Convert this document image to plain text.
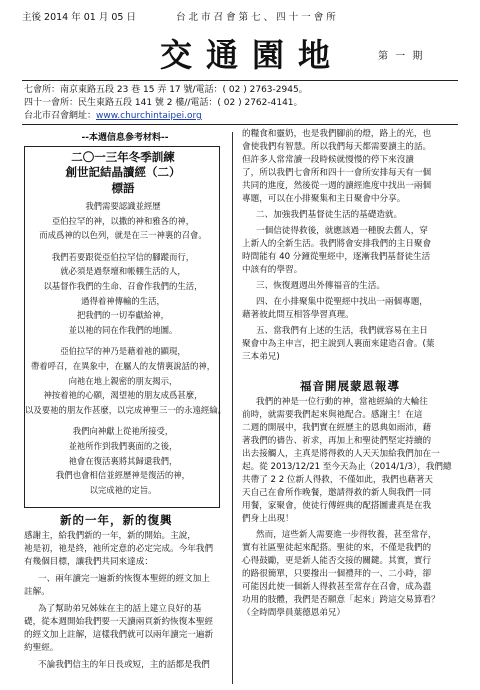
主後 2014 年 01 月 05 日	台 北 市 召 會 第 七 、 四 十 一 會 所
交通園地	第 一 期
七會所：南京東路五段 23 巷 15 弄 17 號/電話：( 02 ) 2763-2945。
四十一會所：民生東路五段 141 號 2 樓//電話：( 02 ) 2762-4141。
台北市召會網址：www.churchintaipei.org
--本週信息參考材料--
二〇一三年冬季訓練
創世記結晶讀經（二）
標語
我們需要認識並經歷
亞伯拉罕的神，以撒的神和雅各的神，
而成爲神的以色列，就是在三一神裏的召會。
我們若要跟從亞伯拉罕信的腳蹤而行，
就必須是過祭壇和帳棚生活的人，
以基督作我們的生命、召會作我們的生活，
過得着神傳輸的生活，
把我們的一切奉獻給神，
並以祂的同在作我們的地圖。
亞伯拉罕的神乃是藉着祂的顯現，
帶着呼召，在異象中，在屬人的友情裏說話的神，
向祂在地上親密的朋友揭示，
神按着祂的心願，渴望祂的朋友成爲甚麼，
以及要祂的朋友作甚麼，以完成神聖三一的永遠經綸。
我們向神獻上從祂所接受，
並祂所作到我們裏面的之後，
祂會在復活裏將其歸還我們，
我們也會相信並經歷神是復活的神，
以完成祂的定旨。
新的一年，新的復興

感謝主，給我們新的一年，新的開始。主說，

祂是初，祂是終，祂所定意的必定完成。今年我們

有幾個目標，讓我們共同來達成：

一、兩年讀完一遍新約恢復本聖經的經文加上

註解。

為了幫助弟兄姊妹在主的話上建立良好的基

礎，從本週開始我們要一天讀兩頁新約恢復本聖經

的經文加上註解，這樣我們就可以兩年讀完一遍新

約聖經。

不論我們信主的年日長或短，主的話都是我們

的糧食和靈奶，也是我們腳前的燈，路上的光，也

會使我們有智慧。所以我們每天都需要讀主的話。

但許多人常常讀一段時候就慢慢的停下來沒讀

了，所以我們七會所和四十一會所安排每天有一個

共同的進度，然後從一週的讀經進度中找出一兩個

專題，可以在小排聚集和主日聚會中分享。

二、加強我們基督徒生活的基礎造就。

一個信徒得救後，就應該過一種脫去舊人，穿

上新人的全新生活。我們將會安排我們的主日聚會

時間能有 40 分鐘從聖經中，逐漸我們基督徒生活

中該有的學習。

三、恢復週週出外傳福音的生活。

四、在小排聚集中從聖經中找出一兩個專題，

藉著彼此問互相答學習真理。

五、當我們有上述的生活，我們就容易在主日

聚會中為主申言，把主說到人裏面來建造召會。(葉

三本弟兄)

福音開展蒙恩報導

我們的神是一位行動的神，當祂經綸的大輪往

前時，就需要我們起來與祂配合。感謝主！在這

二週的開展中，我們實在經歷主的恩典如雨沛，藉

著我們的禱告、祈求，再加上和聖徒們堅定持續的

出去接觸人，主真是將得救的人天天加給我們加在一

起。從 2013/12/21 至今天為止（2014/1/3），我們總

共帶了 2 2 位新人得救，不僅如此，我們也藉著天

天自己在會所作晚餐，邀請得救的新人與我們一同

用餐，家聚會，使徒行傳經典的配搭圖畫真是在我

們身上出現！

然而，這些新人需要進一步得牧養，甚至常存，

實有社區聖徒起來配搭。聖徒的來，不僅是我們的

心得鼓勵，更是新人能否交接的關鍵。其實，實行

的路很簡單，只要撥出一個禮拜的一、二小時，卻

可能因此使一個新人得救甚至常存在召會，成為盡

功用的肢體，我們是否願意「起來」跨這交易算看？

（全時間學員葉德恩弟兄）
